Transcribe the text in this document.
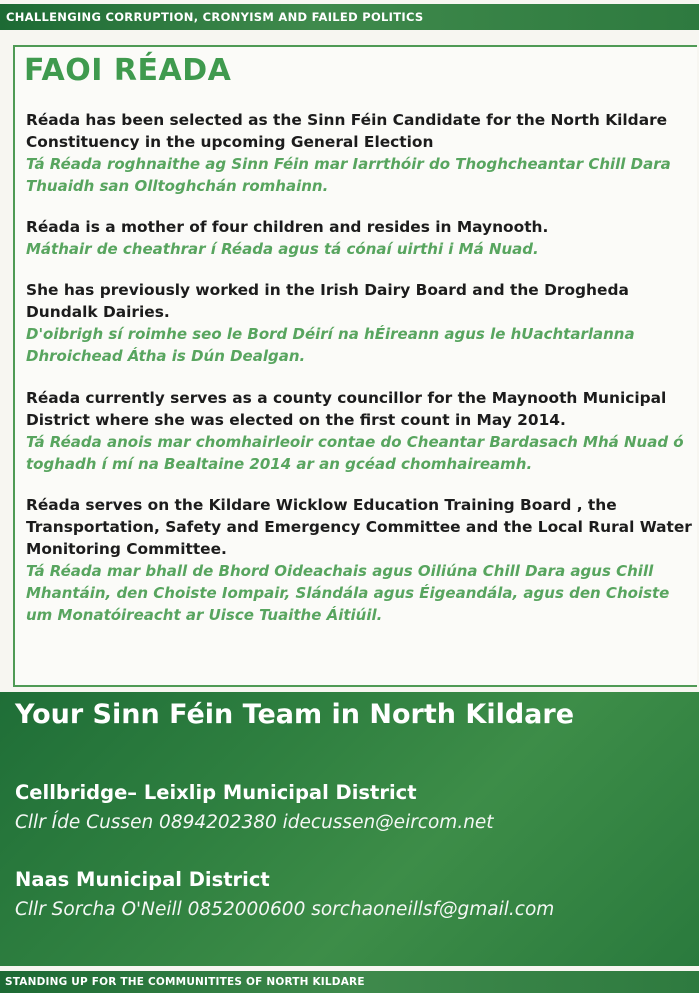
CHALLENGING CORRUPTION, CRONYISM AND FAILED POLITICS
FAOI RÉADA
Réada has been selected as the Sinn Féin Candidate for the North Kildare Constituency in the upcoming General Election
Tá Réada roghnaithe ag Sinn Féin mar Iarrthóir do Thoghcheantar Chill Dara Thuaidh san Olltoghchán romhainn.
Réada is a mother of four children and resides in Maynooth.
Máthair de cheathrar í Réada agus tá cónaí uirthi i Má Nuad.
She has previously worked in the Irish Dairy Board and the Drogheda Dundalk Dairies.
D'oibrigh sí roimhe seo le Bord Déirí na hÉireann agus le hUachtarlanna Dhroichead Átha is Dún Dealgan.
Réada currently serves as a county councillor for the Maynooth Municipal District where she was elected on the first count in May 2014.
Tá Réada anois mar chomhairleoir contae do Cheantar Bardasach Mhá Nuad ó toghadh í mí na Bealtaine 2014 ar an gcéad chomhaireamh.
Réada serves on the Kildare Wicklow Education Training Board , the Transportation, Safety and Emergency Committee and the Local Rural Water Monitoring Committee.
Tá Réada mar bhall de Bhord Oideachais agus Oiliúna Chill Dara agus Chill Mhantáin, den Choiste Iompair, Slándála agus Éigeandála, agus den Choiste um Monatóireacht ar Uisce Tuaithe Áitiúil.
Your Sinn Féin Team in North Kildare
Cellbridge– Leixlip Municipal District
Cllr Íde Cussen 0894202380 idecussen@eircom.net
Naas Municipal District
Cllr Sorcha O'Neill 0852000600 sorchaoneillsf@gmail.com
STANDING UP FOR THE COMMUNITITES OF NORTH KILDARE
